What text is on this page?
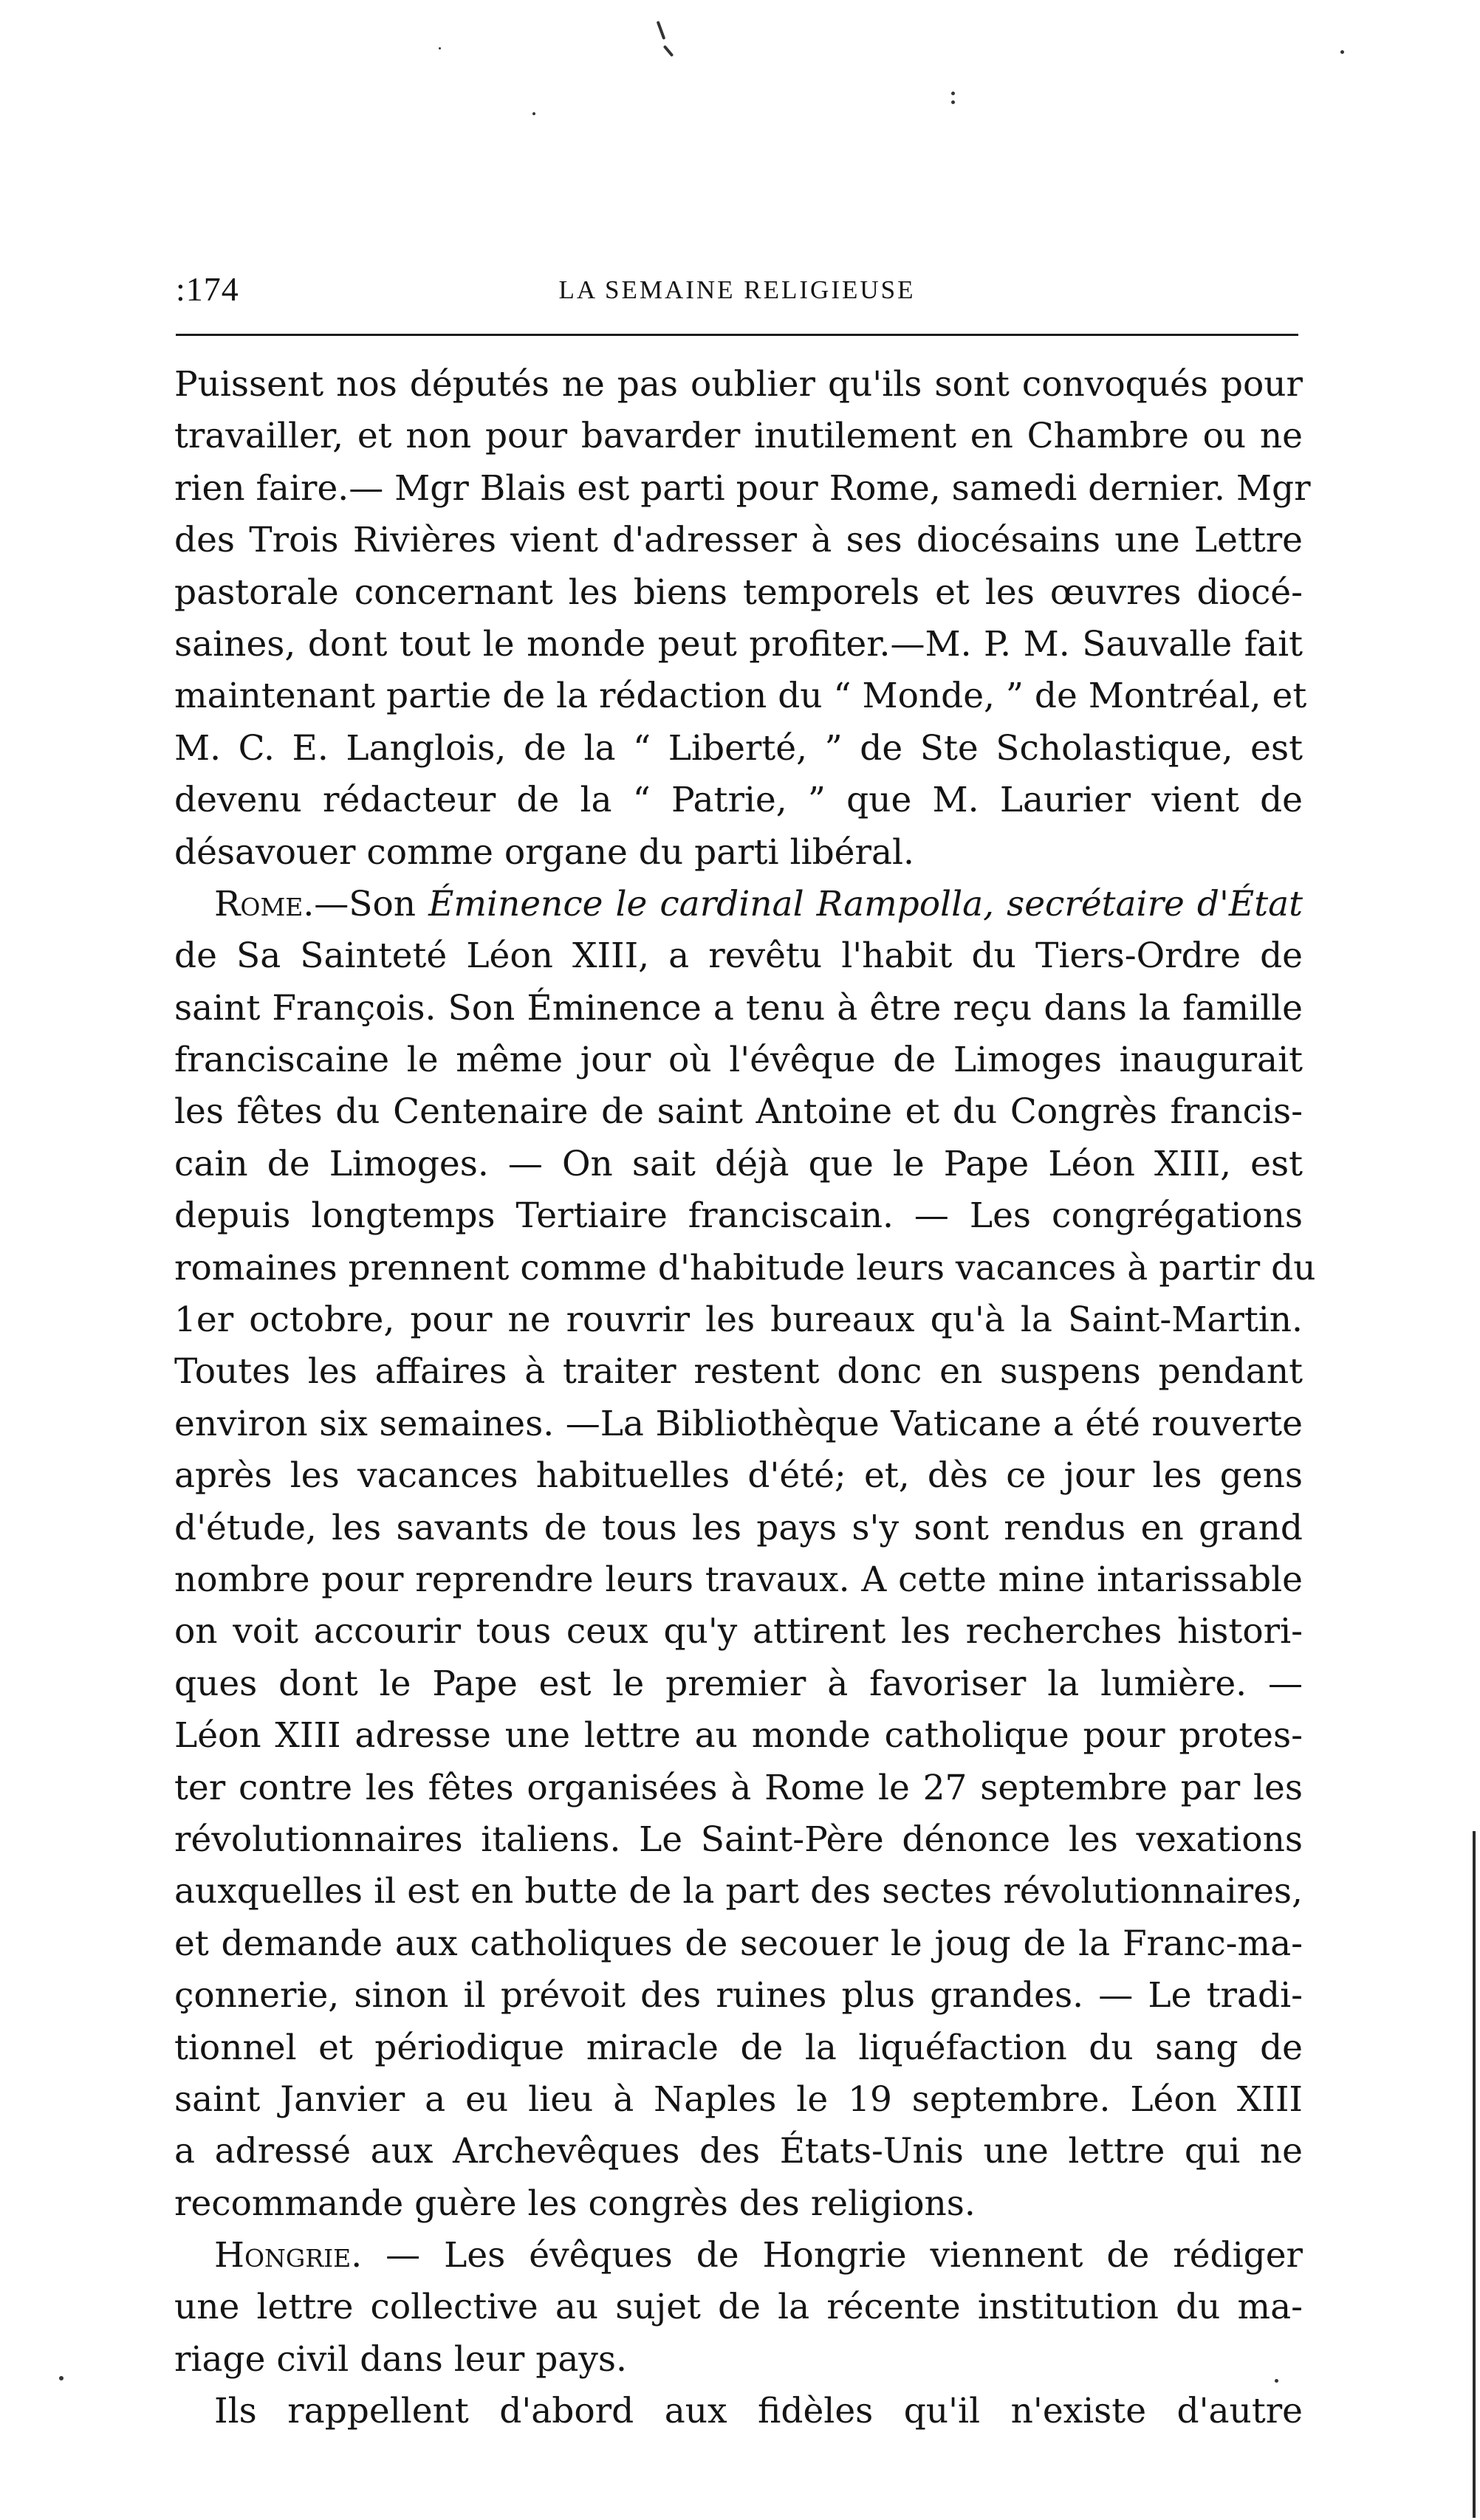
:174	LA SEMAINE RELIGIEUSE
Puissent nos députés ne pas oublier qu'ils sont convoqués pour
travailler, et non pour bavarder inutilement en Chambre ou ne
rien faire.— Mgr Blais est parti pour Rome, samedi dernier. Mgr
des Trois Rivières vient d'adresser à ses diocésains une Lettre
pastorale concernant les biens temporels et les œuvres diocé-
saines, dont tout le monde peut profiter.—M. P. M. Sauvalle fait
maintenant partie de la rédaction du “ Monde, ” de Montréal, et
M. C. E. Langlois, de la “ Liberté, ” de Ste Scholastique, est
devenu rédacteur de la “ Patrie, ” que M. Laurier vient de
désavouer comme organe du parti libéral.
Rome.—Son Éminence le cardinal Rampolla, secrétaire d'État
de Sa Sainteté Léon XIII, a revêtu l'habit du Tiers-Ordre de
saint François. Son Éminence a tenu à être reçu dans la famille
franciscaine le même jour où l'évêque de Limoges inaugurait
les fêtes du Centenaire de saint Antoine et du Congrès francis-
cain de Limoges. — On sait déjà que le Pape Léon XIII, est
depuis longtemps Tertiaire franciscain. — Les congrégations
romaines prennent comme d'habitude leurs vacances à partir du
1er octobre, pour ne rouvrir les bureaux qu'à la Saint-Martin.
Toutes les affaires à traiter restent donc en suspens pendant
environ six semaines. —La Bibliothèque Vaticane a été rouverte
après les vacances habituelles d'été; et, dès ce jour les gens
d'étude, les savants de tous les pays s'y sont rendus en grand
nombre pour reprendre leurs travaux. A cette mine intarissable
on voit accourir tous ceux qu'y attirent les recherches histori-
ques dont le Pape est le premier à favoriser la lumière. —
Léon XIII adresse une lettre au monde catholique pour protes-
ter contre les fêtes organisées à Rome le 27 septembre par les
révolutionnaires italiens. Le Saint-Père dénonce les vexations
auxquelles il est en butte de la part des sectes révolutionnaires,
et demande aux catholiques de secouer le joug de la Franc-ma-
çonnerie, sinon il prévoit des ruines plus grandes. — Le tradi-
tionnel et périodique miracle de la liquéfaction du sang de
saint Janvier a eu lieu à Naples le 19 septembre. Léon XIII
a adressé aux Archevêques des États-Unis une lettre qui ne
recommande guère les congrès des religions.
Hongrie. — Les évêques de Hongrie viennent de rédiger
une lettre collective au sujet de la récente institution du ma-
riage civil dans leur pays.
Ils rappellent d'abord aux fidèles qu'il n'existe d'autre
